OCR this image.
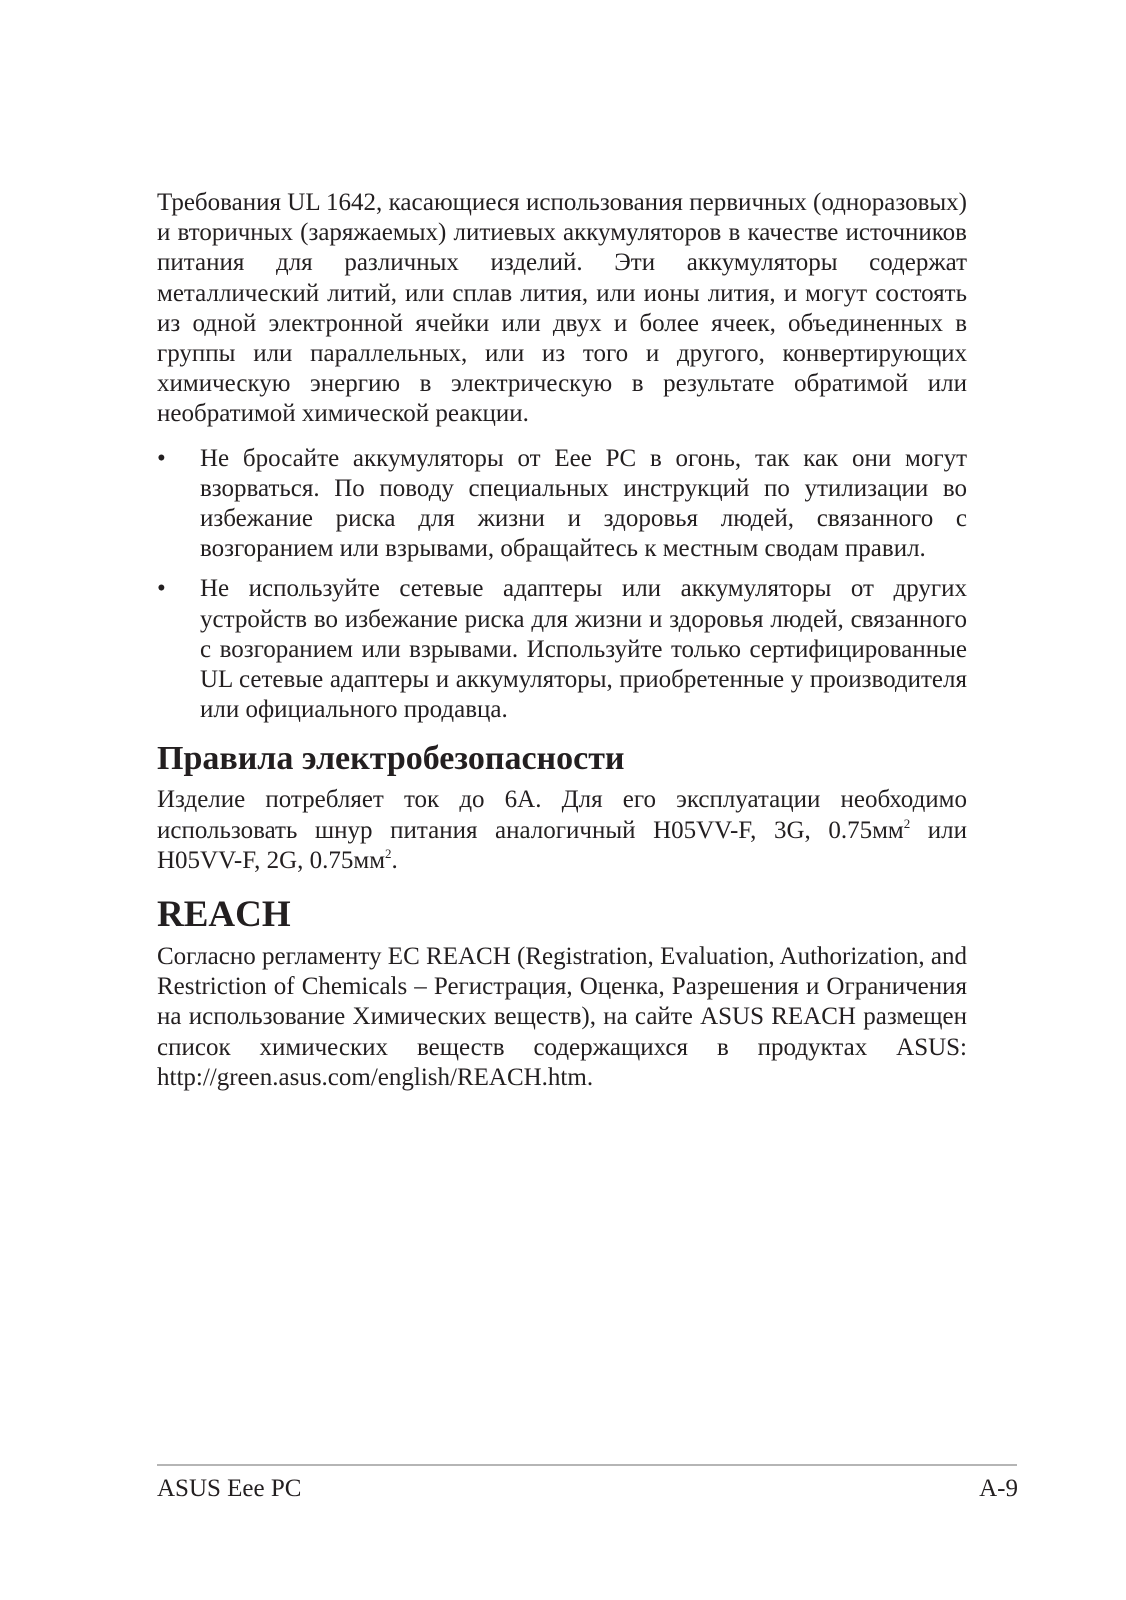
Требования UL 1642, касающиеся использования первичных (одноразовых) и вторичных (заряжаемых) литиевых аккумуляторов в качестве источников питания для различных изделий. Эти аккумуляторы содержат металлический литий, или сплав лития, или ионы лития, и могут состоять из одной электронной ячейки или двух и более ячеек, объединенных в группы или параллельных, или из того и другого, конвертирующих химическую энергию в электрическую в результате обратимой или необратимой химической реакции.

•	Не бросайте аккумуляторы от Eee PC в огонь, так как они могут взорваться. По поводу специальных инструкций по утилизации во избежание риска для жизни и здоровья людей, связанного с возгоранием или взрывами, обращайтесь к местным сводам правил.
•	Не используйте сетевые адаптеры или аккумуляторы от других устройств во избежание риска для жизни и здоровья людей, связанного с возгоранием или взрывами. Используйте только сертифицированные UL сетевые адаптеры и аккумуляторы, приобретенные у производителя или официального продавца.
Правила электробезопасности

Изделие потребляет ток до 6А. Для его эксплуатации необходимо использовать шнур питания аналогичный H05VV-F, 3G, $0.75мм^2$ или H05VV-F, 2G, $0.75мм^2$.

REACH

Согласно регламенту EC REACH (Registration, Evaluation, Authorization, and Restriction of Chemicals – Регистрация, Оценка, Разрешения и Ограничения на использование Химических веществ), на сайте ASUS REACH размещен список химических веществ содержащихся в продуктах ASUS: http://green.asus.com/english/REACH.htm.

ASUS Eee PC	A-9
